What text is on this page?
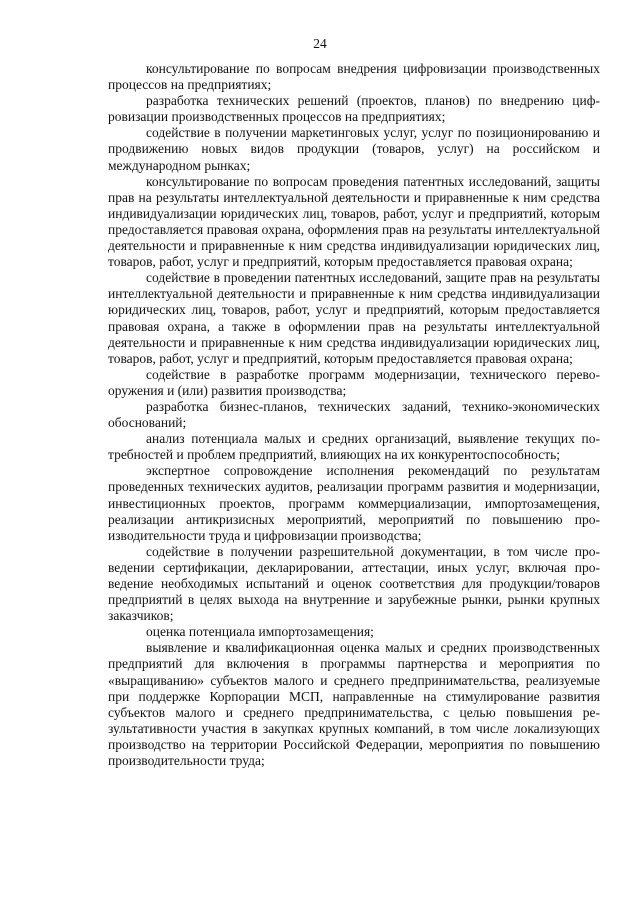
24

консультирование по вопросам внедрения цифровизации производственных процессов на предприятиях;

разработка технических решений (проектов, планов) по внедрению цифровизации производственных процессов на предприятиях;

содействие в получении маркетинговых услуг, услуг по позиционированию и продвижению новых видов продукции (товаров, услуг) на российском и международном рынках;

консультирование по вопросам проведения патентных исследований, защиты прав на результаты интеллектуальной деятельности и приравненные к ним средства индивидуализации юридических лиц, товаров, работ, услуг и предприятий, которым предоставляется правовая охрана, оформления прав на результаты интеллектуальной деятельности и приравненные к ним средства индивидуализации юридических лиц, товаров, работ, услуг и предприятий, которым предоставляется правовая охрана;

содействие в проведении патентных исследований, защите прав на результаты интеллектуальной деятельности и приравненные к ним средства индивидуализации юридических лиц, товаров, работ, услуг и предприятий, которым предоставляется правовая охрана, а также в оформлении прав на результаты интеллектуальной деятельности и приравненные к ним средства индивидуализации юридических лиц, товаров, работ, услуг и предприятий, которым предоставляется правовая охрана;

содействие в разработке программ модернизации, технического перевооружения и (или) развития производства;

разработка бизнес-планов, технических заданий, технико-экономических обоснований;

анализ потенциала малых и средних организаций, выявление текущих потребностей и проблем предприятий, влияющих на их конкурентоспособность;

экспертное сопровождение исполнения рекомендаций по результатам проведенных технических аудитов, реализации программ развития и модернизации, инвестиционных проектов, программ коммерциализации, импортозамещения, реализации антикризисных мероприятий, мероприятий по повышению производительности труда и цифровизации производства;

содействие в получении разрешительной документации, в том числе проведении сертификации, декларировании, аттестации, иных услуг, включая проведение необходимых испытаний и оценок соответствия для продукции/товаров предприятий в целях выхода на внутренние и зарубежные рынки, рынки крупных заказчиков;

оценка потенциала импортозамещения;

выявление и квалификационная оценка малых и средних производственных предприятий для включения в программы партнерства и мероприятия по «выращиванию» субъектов малого и среднего предпринимательства, реализуемые при поддержке Корпорации МСП, направленные на стимулирование развития субъектов малого и среднего предпринимательства, с целью повышения результативности участия в закупках крупных компаний, в том числе локализующих производство на территории Российской Федерации, мероприятия по повышению производительности труда;
